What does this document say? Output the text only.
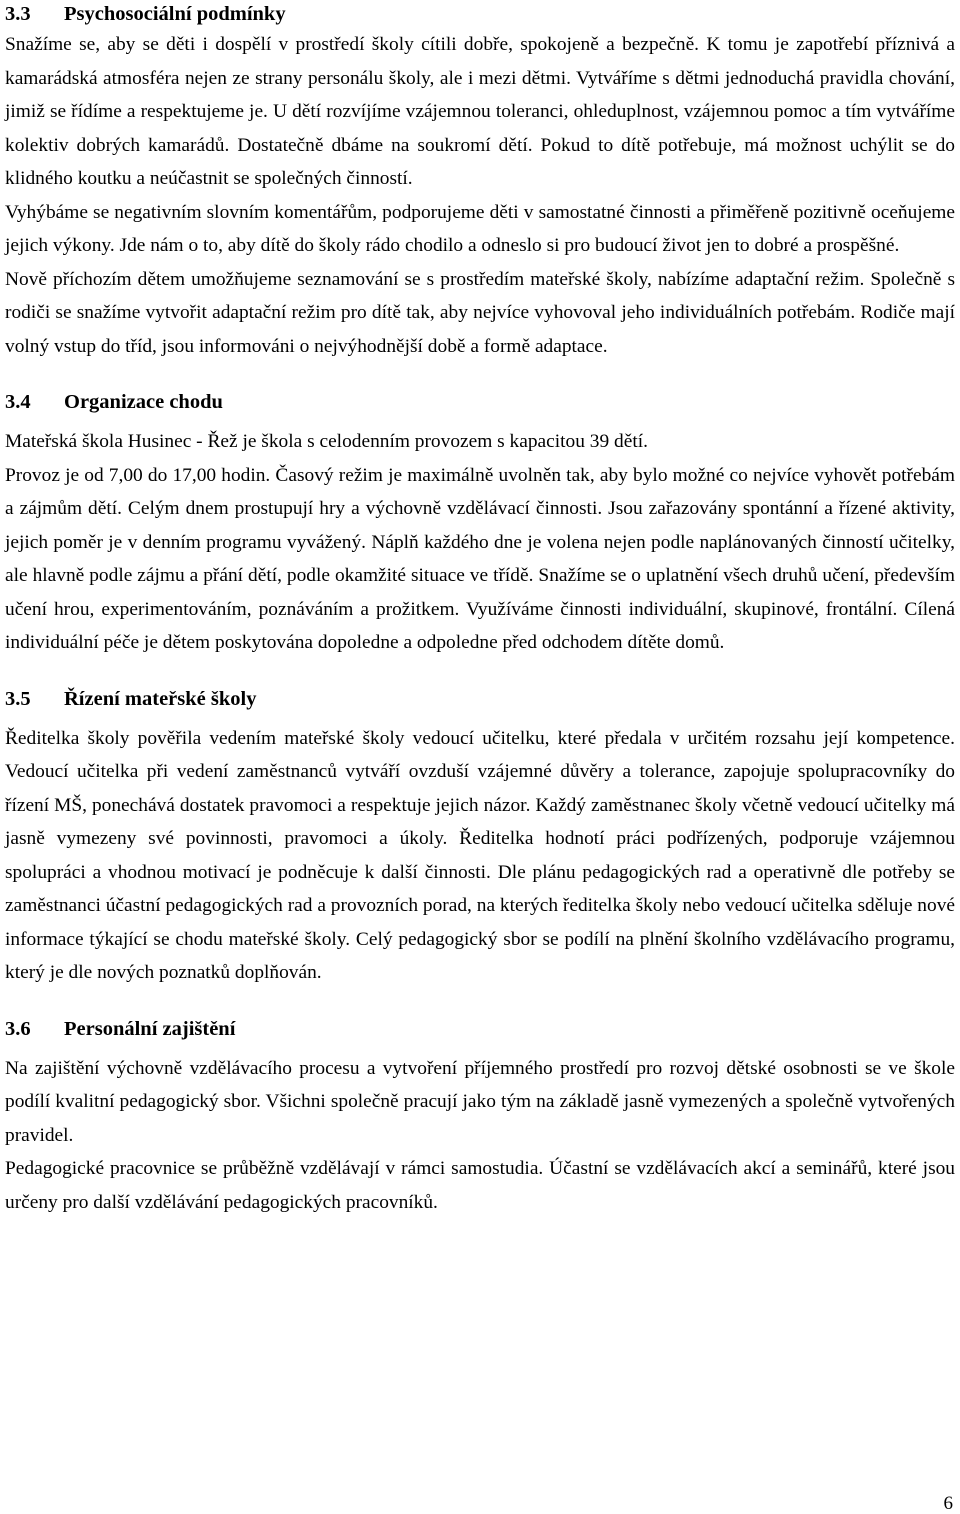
3.3	Psychosociální podmínky

Snažíme se, aby se děti i dospělí v prostředí školy cítili dobře, spokojeně a bezpečně. K tomu je zapotřebí příznivá a kamarádská atmosféra nejen ze strany personálu školy, ale i mezi dětmi. Vytváříme s dětmi jednoduchá pravidla chování, jimiž se řídíme a respektujeme je. U dětí rozvíjíme vzájemnou toleranci, ohleduplnost, vzájemnou pomoc a tím vytváříme kolektiv dobrých kamarádů. Dostatečně dbáme na soukromí dětí. Pokud to dítě potřebuje, má možnost uchýlit se do klidného koutku a neúčastnit se společných činností.

Vyhýbáme se negativním slovním komentářům, podporujeme děti v samostatné činnosti a přiměřeně pozitivně oceňujeme jejich výkony. Jde nám o to, aby dítě do školy rádo chodilo a odneslo si pro budoucí život jen to dobré a prospěšné.

Nově příchozím dětem umožňujeme seznamování se s prostředím mateřské školy, nabízíme adaptační režim. Společně s rodiči se snažíme vytvořit adaptační režim pro dítě tak, aby nejvíce vyhovoval jeho individuálních potřebám. Rodiče mají volný vstup do tříd, jsou informováni o nejvýhodnější době a formě adaptace.

3.4	Organizace chodu

Mateřská škola Husinec - Řež je škola s celodenním provozem s kapacitou 39 dětí.

Provoz je od 7,00 do 17,00 hodin. Časový režim je maximálně uvolněn tak, aby bylo možné co nejvíce vyhovět potřebám a zájmům dětí. Celým dnem prostupují hry a výchovně vzdělávací činnosti. Jsou zařazovány spontánní a řízené aktivity, jejich poměr je v denním programu vyvážený. Náplň každého dne je volena nejen podle naplánovaných činností učitelky, ale hlavně podle zájmu a přání dětí, podle okamžité situace ve třídě. Snažíme se o uplatnění všech druhů učení, především učení hrou, experimentováním, poznáváním a prožitkem. Využíváme činnosti individuální, skupinové, frontální. Cílená individuální péče je dětem poskytována dopoledne a odpoledne před odchodem dítěte domů.

3.5	Řízení mateřské školy

Ředitelka školy pověřila vedením mateřské školy vedoucí učitelku, které předala v určitém rozsahu její kompetence. Vedoucí učitelka při vedení zaměstnanců vytváří ovzduší vzájemné důvěry a tolerance, zapojuje spolupracovníky do řízení MŠ, ponechává dostatek pravomoci a respektuje jejich názor. Každý zaměstnanec školy včetně vedoucí učitelky má jasně vymezeny své povinnosti, pravomoci a úkoly. Ředitelka hodnotí práci podřízených, podporuje vzájemnou spolupráci a vhodnou motivací je podněcuje k další činnosti. Dle plánu pedagogických rad a operativně dle potřeby se zaměstnanci účastní pedagogických rad a provozních porad, na kterých ředitelka školy nebo vedoucí učitelka sděluje nové informace týkající se chodu mateřské školy. Celý pedagogický sbor se podílí na plnění školního vzdělávacího programu, který je dle nových poznatků doplňován.

3.6	Personální zajištění

Na zajištění výchovně vzdělávacího procesu a vytvoření příjemného prostředí pro rozvoj dětské osobnosti se ve škole podílí kvalitní pedagogický sbor. Všichni společně pracují jako tým na základě jasně vymezených a společně vytvořených pravidel.

Pedagogické pracovnice se průběžně vzdělávají v rámci samostudia. Účastní se vzdělávacích akcí a seminářů, které jsou určeny pro další vzdělávání pedagogických pracovníků.

6
